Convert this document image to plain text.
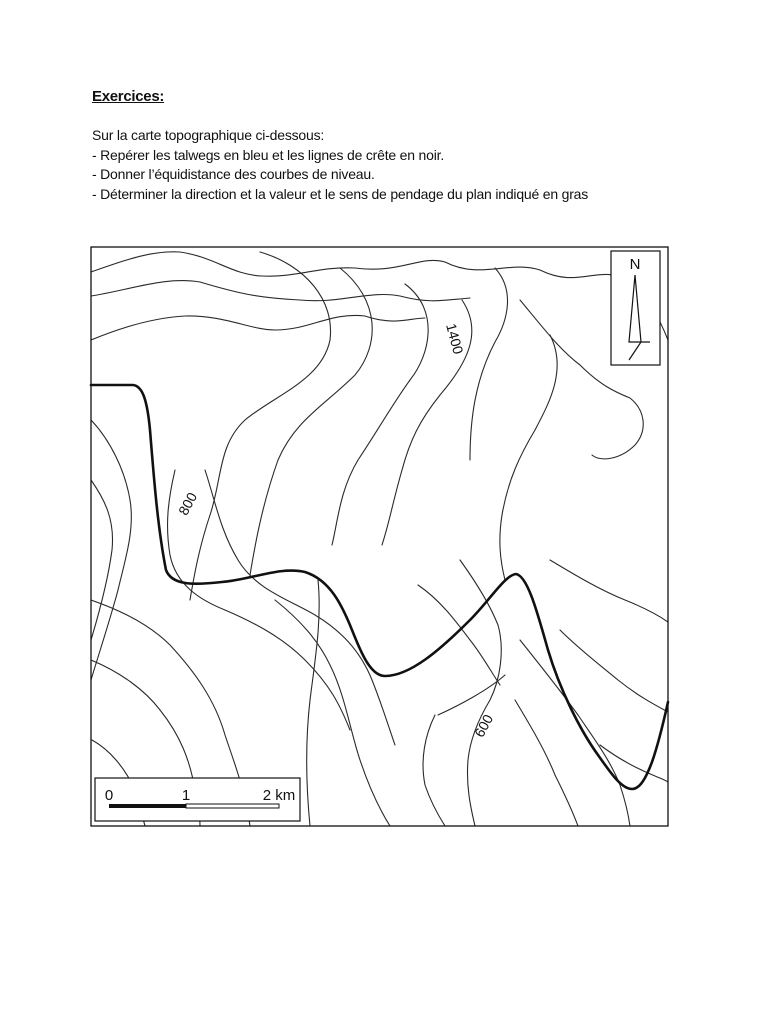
Exercices:
Sur la carte topographique ci-dessous:
- Repérer les talwegs en bleu et les lignes de crête en noir.
- Donner l’équidistance des courbes de niveau.
- Déterminer la direction et la valeur et le sens de pendage du plan indiqué en gras
N
1400
800
600
0	1	2 km
